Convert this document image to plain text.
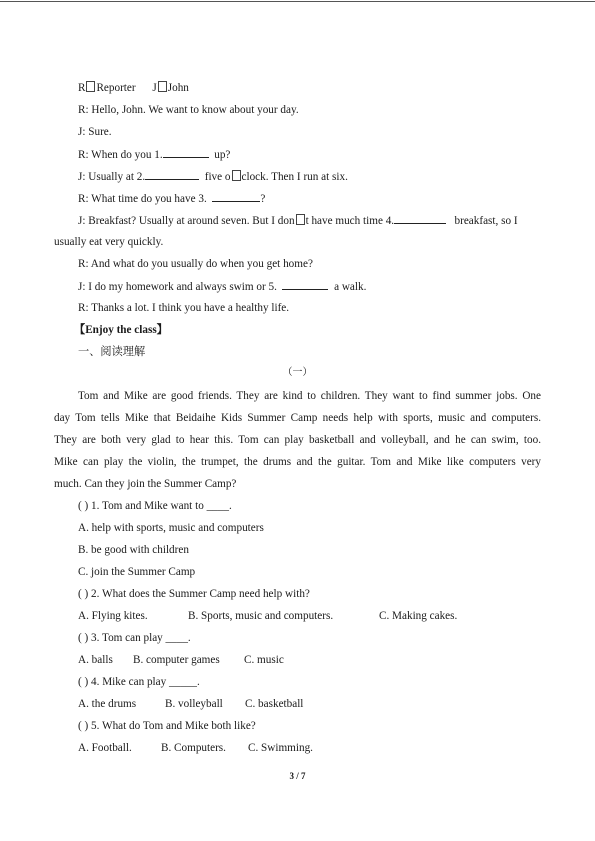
R Reporter J John
R: Hello, John. We want to know about your day.
J: Sure.
R: When do you 1.	up?
J: Usually at 2.	five o clock. Then I run at six.
R: What time do you have 3.	?
J: Breakfast? Usually at around seven. But I don t have much time 4.	breakfast, so I
usually eat very quickly.
R: And what do you usually do when you get home?
J: I do my homework and always swim or 5.	a walk.
R: Thanks a lot. I think you have a healthy life.
【Enjoy the class】
一、阅读理解
（一）
Tom and Mike are good friends. They are kind to children. They want to find summer jobs. One
day Tom tells Mike that Beidaihe Kids Summer Camp needs help with sports, music and computers.
They are both very glad to hear this. Tom can play basketball and volleyball, and he can swim, too.
Mike can play the violin, the trumpet, the drums and the guitar. Tom and Mike like computers very
much. Can they join the Summer Camp?
( ) 1. Tom and Mike want to ____.
A. help with sports, music and computers
B. be good with children
C. join the Summer Camp
( ) 2. What does the Summer Camp need help with?
A. Flying kites.	B. Sports, music and computers.	C. Making cakes.
( ) 3. Tom can play ____.
A. balls B. computer games C. music
( ) 4. Mike can play _____.
A. the drums	B. volleyball C. basketball
( ) 5. What do Tom and Mike both like?
A. Football.	B. Computers. C. Swimming.
3 / 7
